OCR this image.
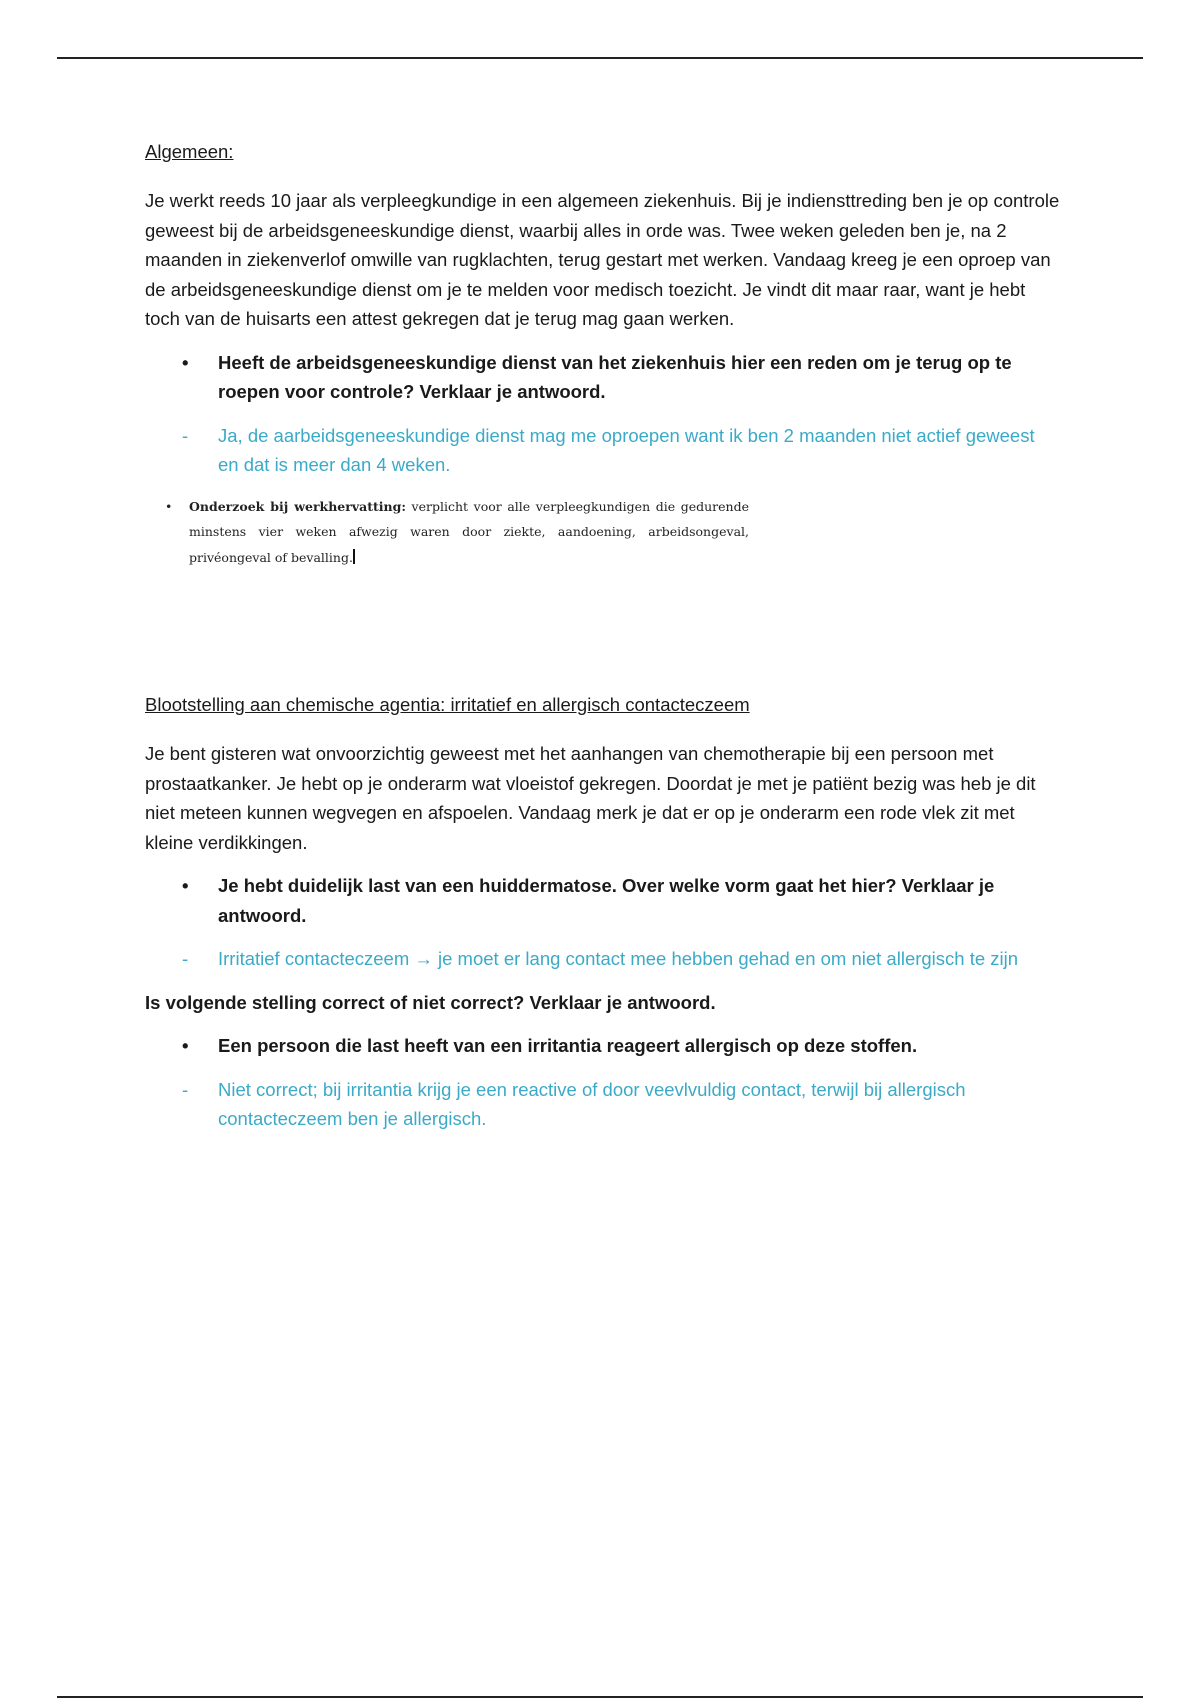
Algemeen:
Je werkt reeds 10 jaar als verpleegkundige in een algemeen ziekenhuis. Bij je indiensttreding ben je op controle geweest bij de arbeidsgeneeskundige dienst, waarbij alles in orde was. Twee weken geleden ben je, na 2 maanden in ziekenverlof omwille van rugklachten, terug gestart met werken. Vandaag kreeg je een oproep van de arbeidsgeneeskundige dienst om je te melden voor medisch toezicht. Je vindt dit maar raar, want je hebt toch van de huisarts een attest gekregen dat je terug mag gaan werken.
• Heeft de arbeidsgeneeskundige dienst van het ziekenhuis hier een reden om je terug op te roepen voor controle? Verklaar je antwoord.
- Ja, de aarbeidsgeneeskundige dienst mag me oproepen want ik ben 2 maanden niet actief geweest en dat is meer dan 4 weken.
• Onderzoek bij werkhervatting: verplicht voor alle verpleegkundigen die gedurende minstens vier weken afwezig waren door ziekte, aandoening, arbeidsongeval, privéongeval of bevalling.
Blootstelling aan chemische agentia: irritatief en allergisch contacteczeem
Je bent gisteren wat onvoorzichtig geweest met het aanhangen van chemotherapie bij een persoon met prostaatkanker. Je hebt op je onderarm wat vloeistof gekregen. Doordat je met je patiënt bezig was heb je dit niet meteen kunnen wegvegen en afspoelen. Vandaag merk je dat er op je onderarm een rode vlek zit met kleine verdikkingen.
• Je hebt duidelijk last van een huiddermatose. Over welke vorm gaat het hier? Verklaar je antwoord.
- Irritatief contacteczeem → je moet er lang contact mee hebben gehad en om niet allergisch te zijn
Is volgende stelling correct of niet correct? Verklaar je antwoord.
• Een persoon die last heeft van een irritantia reageert allergisch op deze stoffen.
- Niet correct; bij irritantia krijg je een reactive of door veevlvuldig contact, terwijl bij allergisch contacteczeem ben je allergisch.
